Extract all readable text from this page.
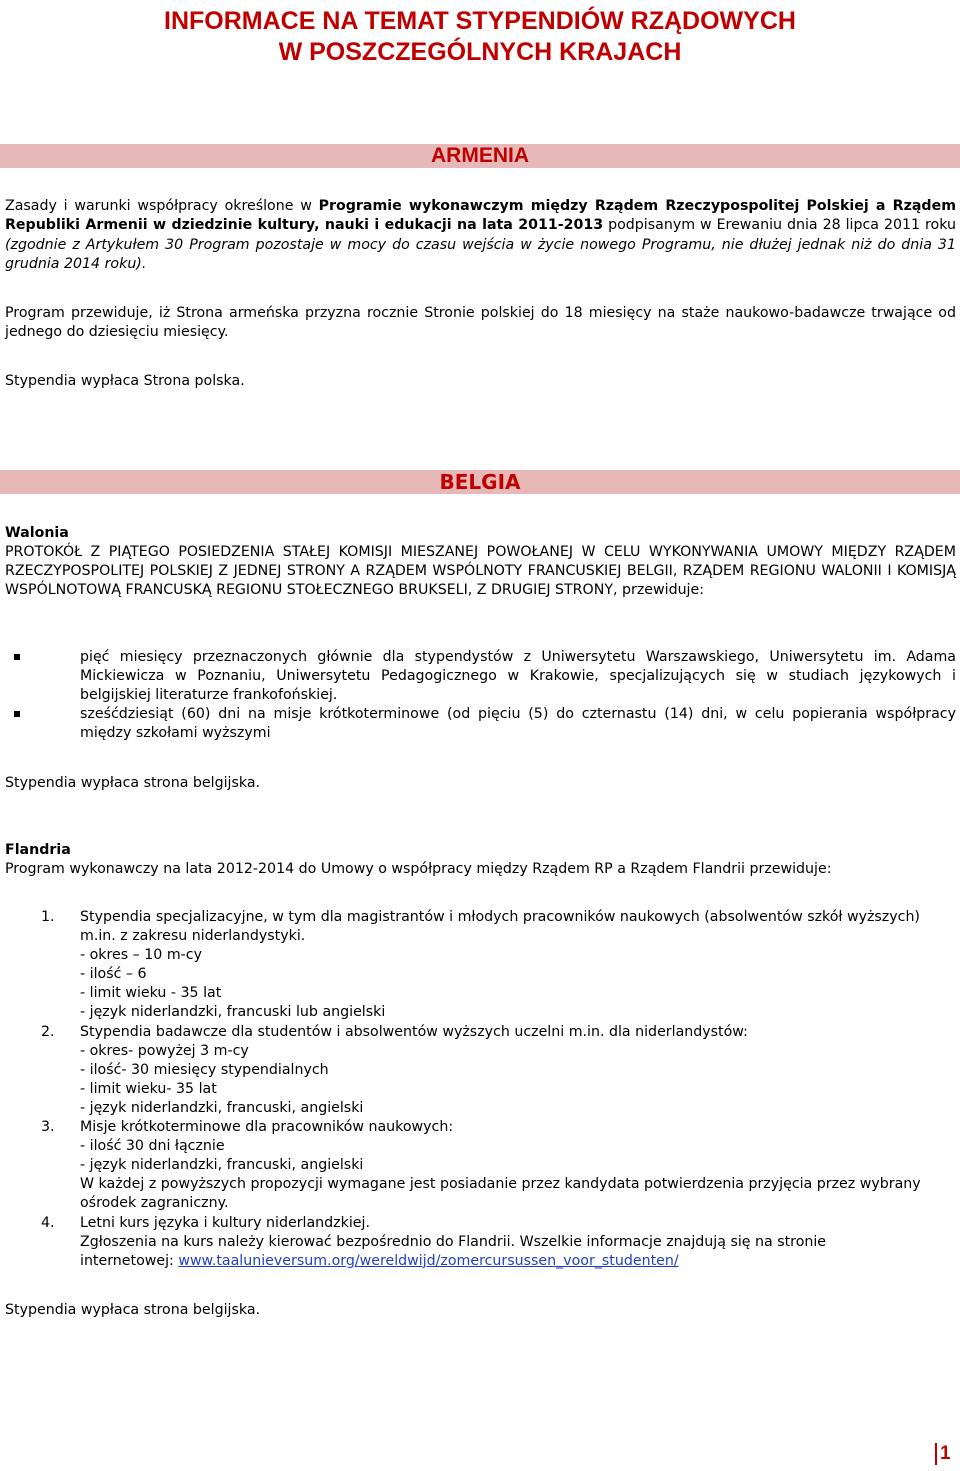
INFORMACE NA TEMAT STYPENDIÓW RZĄDOWYCH
W POSZCZEGÓLNYCH KRAJACH
ARMENIA

Zasady i warunki współpracy określone w Programie wykonawczym między Rządem Rzeczypospolitej Polskiej a Rządem Republiki Armenii w dziedzinie kultury, nauki i edukacji na lata 2011-2013 podpisanym w Erewaniu dnia 28 lipca 2011 roku (zgodnie z Artykułem 30 Program pozostaje w mocy do czasu wejścia w życie nowego Programu, nie dłużej jednak niż do dnia 31 grudnia 2014 roku).

Program przewiduje, iż Strona armeńska przyzna rocznie Stronie polskiej do 18 miesięcy na staże naukowo-badawcze trwające od jednego do dziesięciu miesięcy.

Stypendia wypłaca Strona polska.

BELGIA

Walonia

PROTOKÓŁ Z PIĄTEGO POSIEDZENIA STAŁEJ KOMISJI MIESZANEJ POWOŁANEJ W CELU WYKONYWANIA UMOWY MIĘDZY RZĄDEM RZECZYPOSPOLITEJ POLSKIEJ Z JEDNEJ STRONY A RZĄDEM WSPÓLNOTY FRANCUSKIEJ BELGII, RZĄDEM REGIONU WALONII I KOMISJĄ WSPÓLNOTOWĄ FRANCUSKĄ REGIONU STOŁECZNEGO BRUKSELI, Z DRUGIEJ STRONY, przewiduje:

pięć miesięcy przeznaczonych głównie dla stypendystów z Uniwersytetu Warszawskiego, Uniwersytetu im. Adama Mickiewicza w Poznaniu, Uniwersytetu Pedagogicznego w Krakowie, specjalizujących się w studiach językowych i belgijskiej literaturze frankofońskiej.
sześćdziesiąt (60) dni na misje krótkoterminowe (od pięciu (5) do czternastu (14) dni, w celu popierania współpracy między szkołami wyższymi

Stypendia wypłaca strona belgijska.

Flandria

Program wykonawczy na lata 2012-2014 do Umowy o współpracy między Rządem RP a Rządem Flandrii przewiduje:

1. Stypendia specjalizacyjne, w tym dla magistrantów i młodych pracowników naukowych (absolwentów szkół wyższych) m.in. z zakresu niderlandystyki.
- okres – 10 m-cy
- ilość – 6
- limit wieku - 35 lat
- język niderlandzki, francuski lub angielski
2. Stypendia badawcze dla studentów i absolwentów wyższych uczelni m.in. dla niderlandystów:
- okres- powyżej 3 m-cy
- ilość- 30 miesięcy stypendialnych
- limit wieku- 35 lat
- język niderlandzki, francuski, angielski
3. Misje krótkoterminowe dla pracowników naukowych:
- ilość 30 dni łącznie
- język niderlandzki, francuski, angielski
W każdej z powyższych propozycji wymagane jest posiadanie przez kandydata potwierdzenia przyjęcia przez wybrany ośrodek zagraniczny.
4. Letni kurs języka i kultury niderlandzkiej.
Zgłoszenia na kurs należy kierować bezpośrednio do Flandrii. Wszelkie informacje znajdują się na stronie
internetowej: www.taalunieversum.org/wereldwijd/zomercursussen_voor_studenten/

Stypendia wypłaca strona belgijska.

1
